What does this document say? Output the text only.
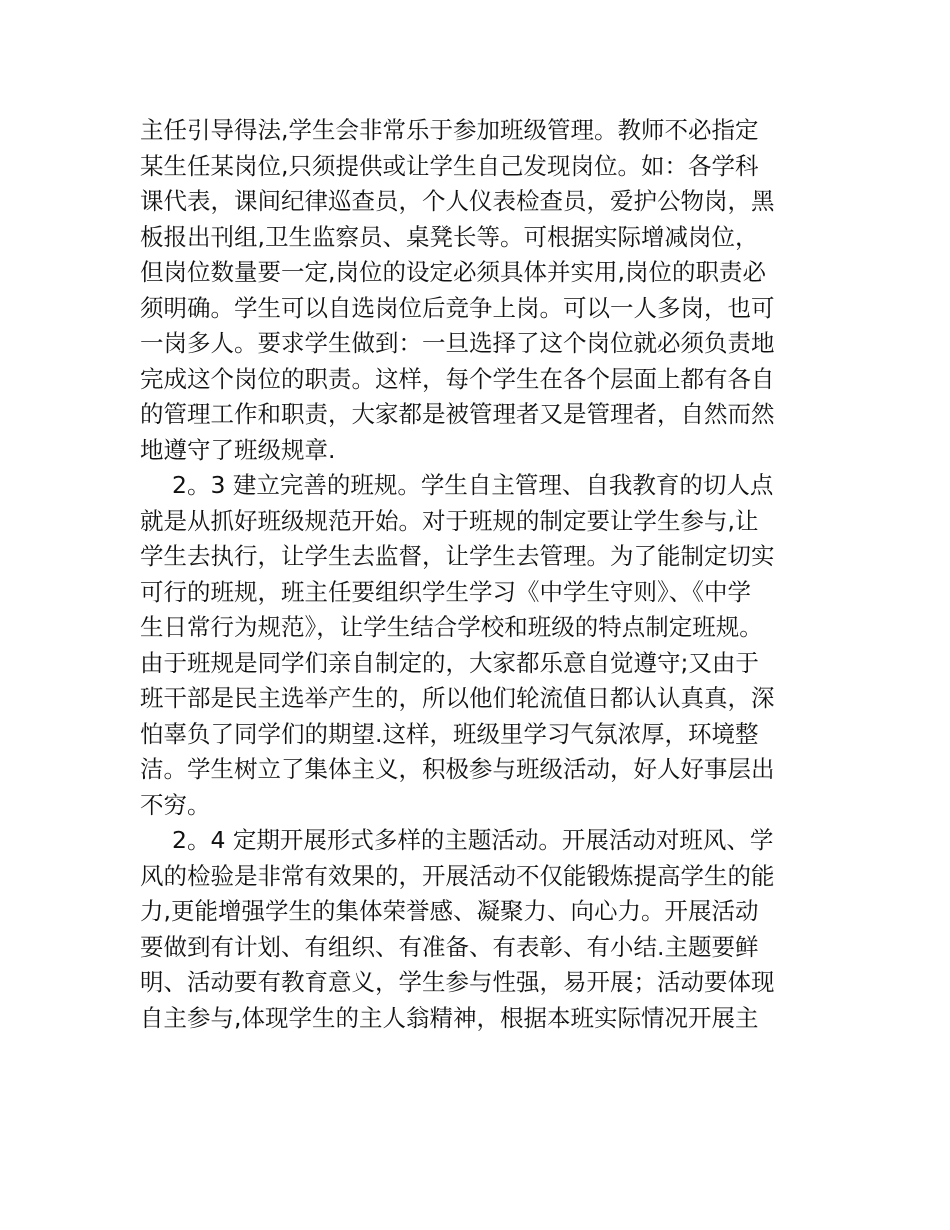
主任引导得法,学生会非常乐于参加班级管理。教师不必指定
某生任某岗位,只须提供或让学生自己发现岗位。如：各学科
课代表，课间纪律巡查员，个人仪表检查员，爱护公物岗，黑
板报出刊组,卫生监察员、桌凳长等。可根据实际增减岗位，
但岗位数量要一定,岗位的设定必须具体并实用,岗位的职责必
须明确。学生可以自选岗位后竞争上岗。可以一人多岗，也可
一岗多人。要求学生做到：一旦选择了这个岗位就必须负责地
完成这个岗位的职责。这样，每个学生在各个层面上都有各自
的管理工作和职责，大家都是被管理者又是管理者，自然而然
地遵守了班级规章.
2。3 建立完善的班规。学生自主管理、自我教育的切人点
就是从抓好班级规范开始。对于班规的制定要让学生参与,让
学生去执行，让学生去监督，让学生去管理。为了能制定切实
可行的班规，班主任要组织学生学习《中学生守则》、《中学
生日常行为规范》，让学生结合学校和班级的特点制定班规。
由于班规是同学们亲自制定的，大家都乐意自觉遵守;又由于
班干部是民主选举产生的，所以他们轮流值日都认认真真，深
怕辜负了同学们的期望.这样，班级里学习气氛浓厚，环境整
洁。学生树立了集体主义，积极参与班级活动，好人好事层出
不穷。
2。4 定期开展形式多样的主题活动。开展活动对班风、学
风的检验是非常有效果的，开展活动不仅能锻炼提高学生的能
力,更能增强学生的集体荣誉感、凝聚力、向心力。开展活动
要做到有计划、有组织、有准备、有表彰、有小结.主题要鲜
明、活动要有教育意义，学生参与性强，易开展；活动要体现
自主参与,体现学生的主人翁精神，根据本班实际情况开展主
